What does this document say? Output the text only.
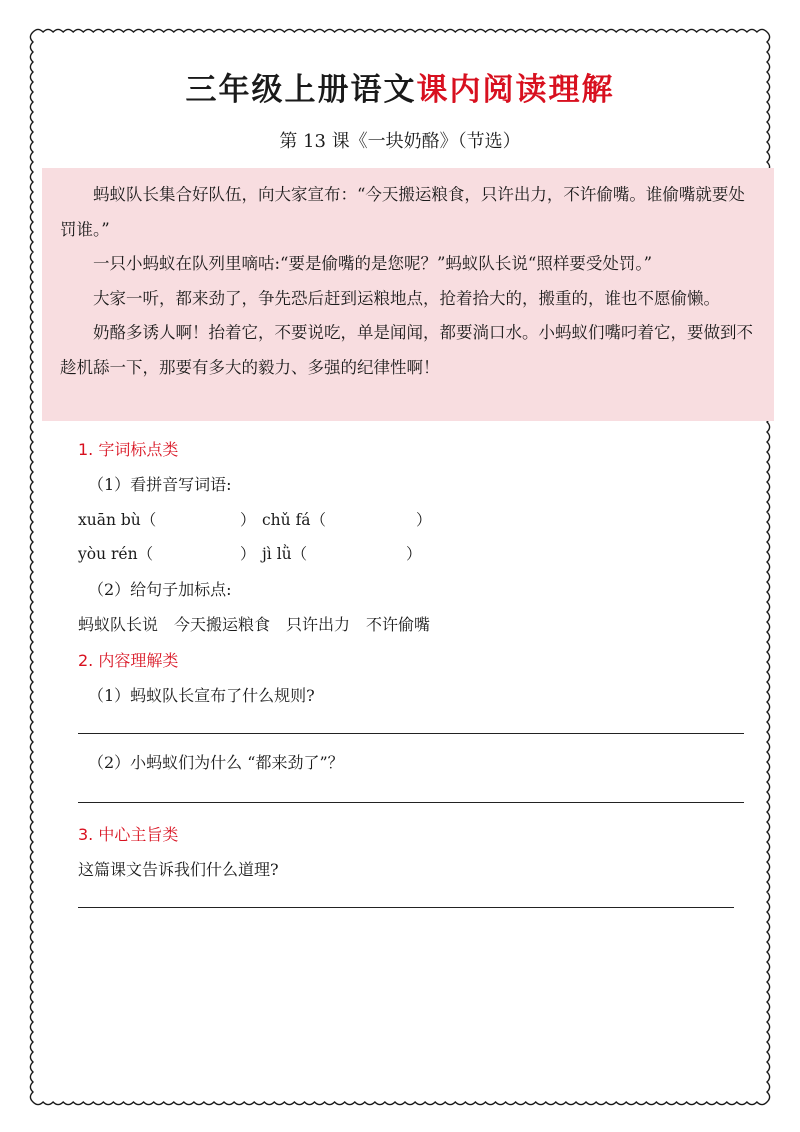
三年级上册语文课内阅读理解
第 13 课《一块奶酪》（节选）

蚂蚁队长集合好队伍，向大家宣布：“今天搬运粮食，只许出力，不许偷嘴。谁偷嘴就要处罚谁。”

一只小蚂蚁在队列里嘀咕:“要是偷嘴的是您呢？”蚂蚁队长说“照样要受处罚。”

大家一听，都来劲了，争先恐后赶到运粮地点，抢着拾大的，搬重的，谁也不愿偷懒。

奶酪多诱人啊！抬着它，不要说吃，单是闻闻，都要淌口水。小蚂蚁们嘴叼着它，要做到不趁机舔一下，那要有多大的毅力、多强的纪律性啊！

1. 字词标点类
（1）看拼音写词语:
xuān bù（	） chǔ fá（	）
yòu rén（	） jì lǜ（	）
（2）给句子加标点:
蚂蚁队长说　今天搬运粮食　只许出力　不许偷嘴
2. 内容理解类
（1）蚂蚁队长宣布了什么规则?
（2）小蚂蚁们为什么 “都来劲了”？
3. 中心主旨类
这篇课文告诉我们什么道理?
